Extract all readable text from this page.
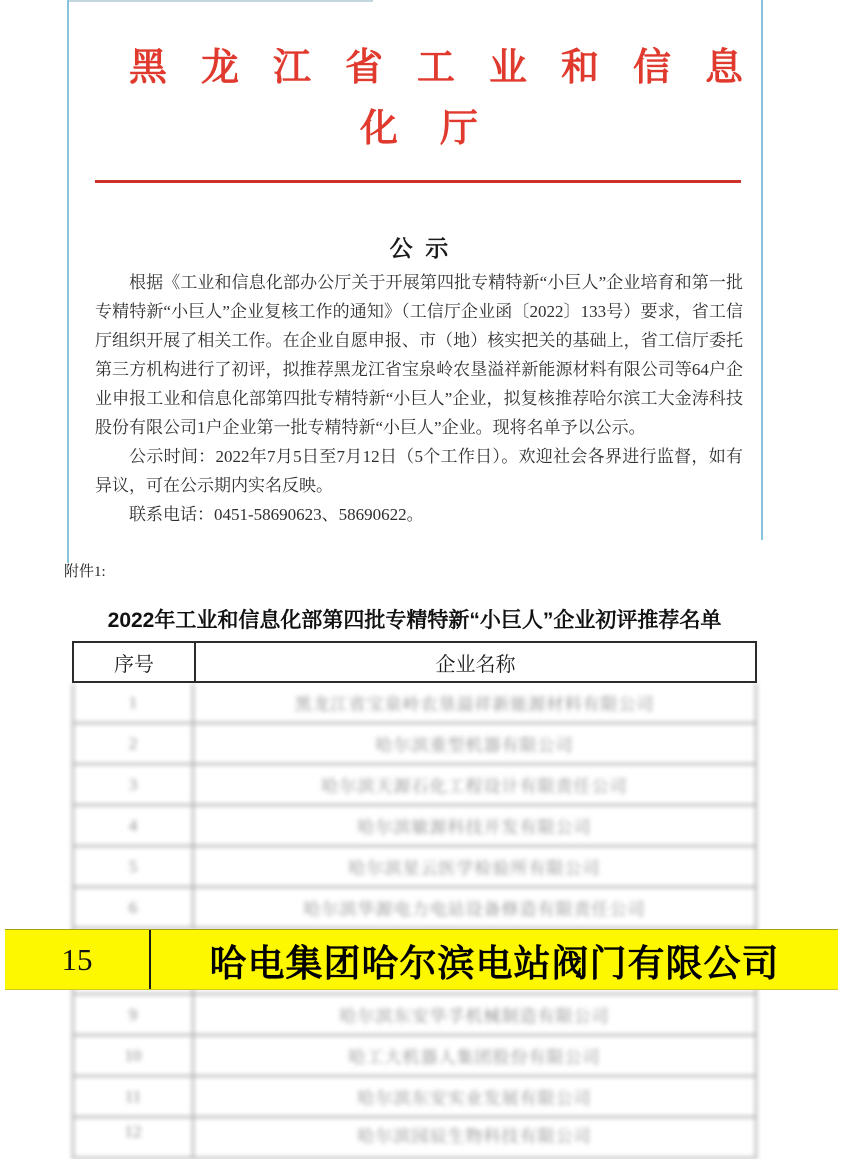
黑龙江省工业和信息
化厅
公示

根据《工业和信息化部办公厅关于开展第四批专精特新“小巨人”企业培育和第一批专精特新“小巨人”企业复核工作的通知》（工信厅企业函〔2022〕133号）要求，省工信厅组织开展了相关工作。在企业自愿申报、市（地）核实把关的基础上，省工信厅委托第三方机构进行了初评，拟推荐黑龙江省宝泉岭农垦溢祥新能源材料有限公司等64户企业申报工业和信息化部第四批专精特新“小巨人”企业，拟复核推荐哈尔滨工大金涛科技股份有限公司1户企业第一批专精特新“小巨人”企业。现将名单予以公示。

公示时间：2022年7月5日至7月12日（5个工作日）。欢迎社会各界进行监督，如有异议，可在公示期内实名反映。

联系电话：0451-58690623、58690622。

附件1:
2022年工业和信息化部第四批专精特新“小巨人”企业初评推荐名单
序号	企业名称
1	黑龙江省宝泉岭农垦溢祥新能源材料有限公司
2	哈尔滨重型机器有限公司
3	哈尔滨天源石化工程设计有限责任公司
4	哈尔滨敏源科技开发有限公司
5	哈尔滨星云医学检验所有限公司
6	哈尔滨华源电力电站设备修造有限责任公司
9	哈尔滨东安华孚机械制造有限公司
10	哈工大机器人集团股份有限公司
11	哈尔滨东安实业发展有限公司
12	哈尔滨园辰生物科技有限公司
15	哈电集团哈尔滨电站阀门有限公司
